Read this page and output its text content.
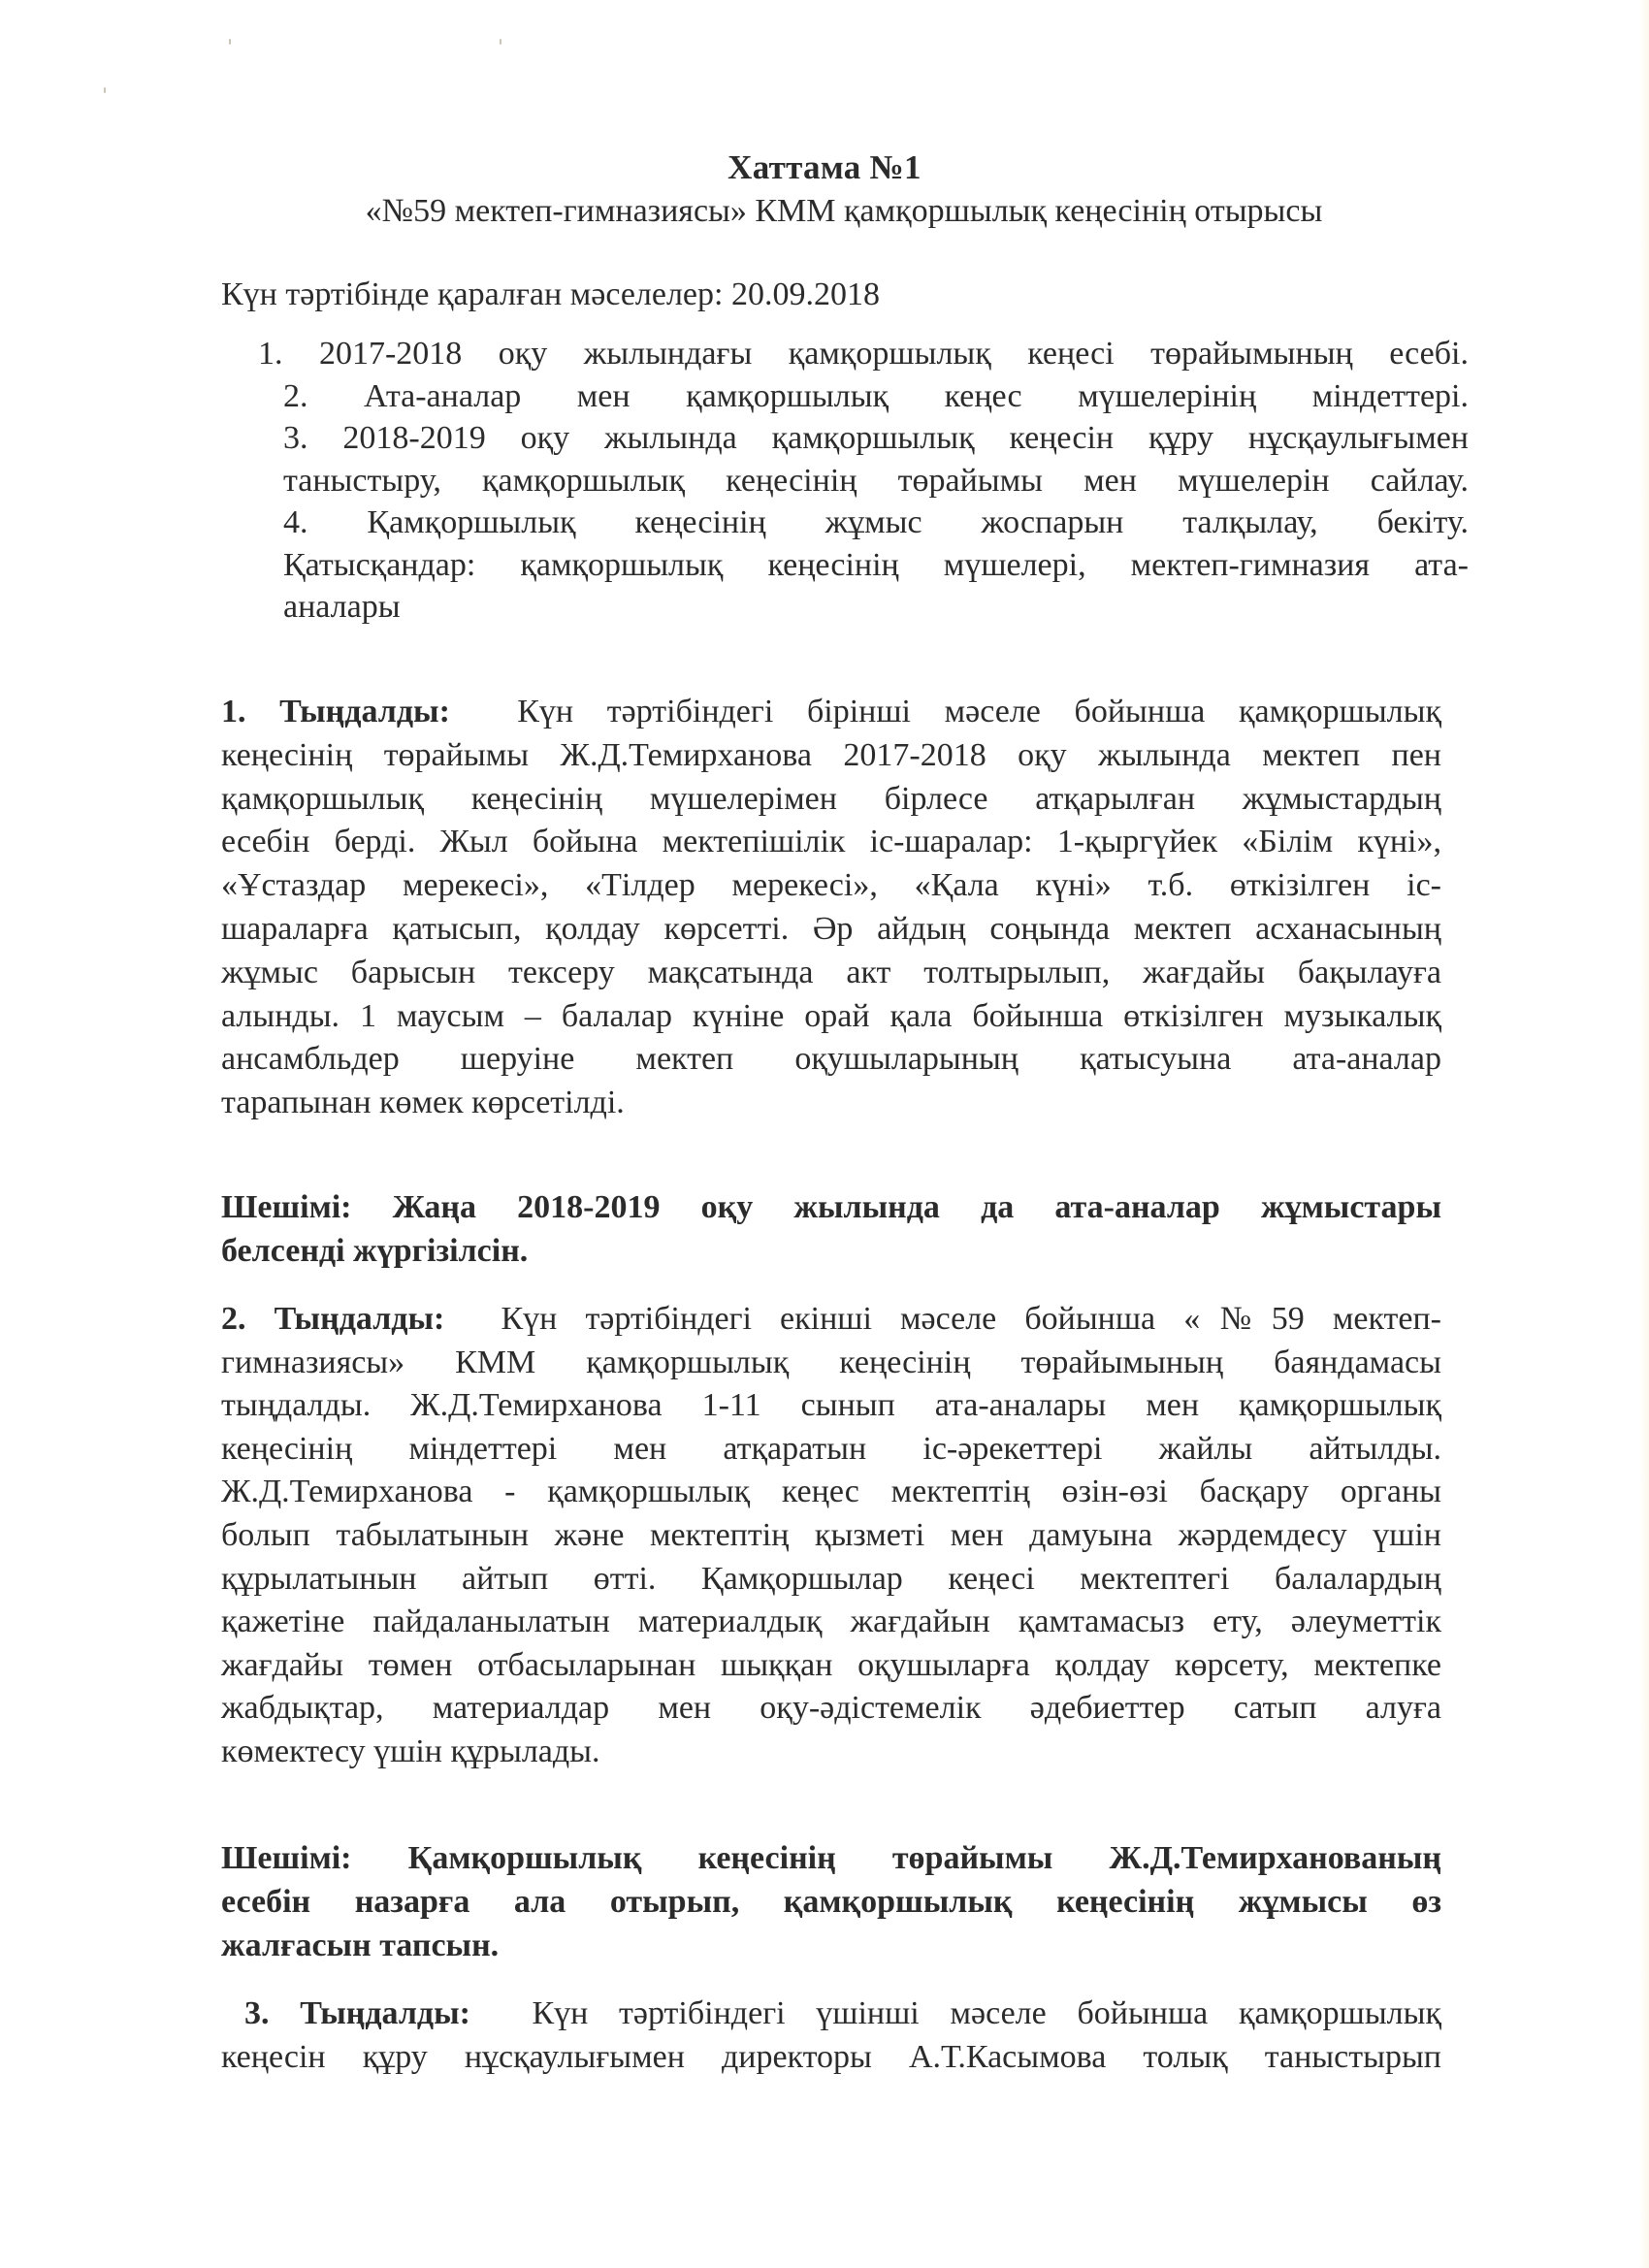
Хаттама №1
«№59 мектеп-гимназиясы» КММ қамқоршылық кеңесінің отырысы
Күн тәртібінде қаралған мәселелер: 20.09.2018
1. 2017-2018 оқу жылындағы қамқоршылық кеңесі төрайымының есебі.
2. Ата-аналар мен қамқоршылық кеңес мүшелерінің міндеттері.
3. 2018-2019 оқу жылында қамқоршылық кеңесін құру нұсқаулығымен
таныстыру, қамқоршылық кеңесінің төрайымы мен мүшелерін сайлау.
4. Қамқоршылық кеңесінің жұмыс жоспарын талқылау, бекіту.
Қатысқандар: қамқоршылық кеңесінің мүшелері, мектеп-гимназия ата-
аналары
1. Тыңдалды: Күн тәртібіндегі бірінші мәселе бойынша қамқоршылық
кеңесінің төрайымы Ж.Д.Темирханова 2017-2018 оқу жылында мектеп пен
қамқоршылық кеңесінің мүшелерімен бірлесе атқарылған жұмыстардың
есебін берді. Жыл бойына мектепішілік іс-шаралар: 1-қыргүйек «Білім күні»,
«Ұстаздар мерекесі», «Тілдер мерекесі», «Қала күні» т.б. өткізілген іс-
шараларға қатысып, қолдау көрсетті. Әр айдың соңында мектеп асханасының
жұмыс барысын тексеру мақсатында акт толтырылып, жағдайы бақылауға
алынды. 1 маусым – балалар күніне орай қала бойынша өткізілген музыкалық
ансамбльдер шеруіне мектеп оқушыларының қатысуына ата-аналар
тарапынан көмек көрсетілді.
Шешімі: Жаңа 2018-2019 оқу жылында да ата-аналар жұмыстары
белсенді жүргізілсін.
2. Тыңдалды: Күн тәртібіндегі екінші мәселе бойынша «№59 мектеп-
гимназиясы» КММ қамқоршылық кеңесінің төрайымының баяндамасы
тыңдалды. Ж.Д.Темирханова 1-11 сынып ата-аналары мен қамқоршылық
кеңесінің міндеттері мен атқаратын іс-әрекеттері жайлы айтылды.
Ж.Д.Темирханова - қамқоршылық кеңес мектептің өзін-өзі басқару органы
болып табылатынын және мектептің қызметі мен дамуына жәрдемдесу үшін
құрылатынын айтып өтті. Қамқоршылар кеңесі мектептегі балалардың
қажетіне пайдаланылатын материалдық жағдайын қамтамасыз ету, әлеуметтік
жағдайы төмен отбасыларынан шыққан оқушыларға қолдау көрсету, мектепке
жабдықтар, материалдар мен оқу-әдістемелік әдебиеттер сатып алуға
көмектесу үшін құрылады.
Шешімі: Қамқоршылық кеңесінің төрайымы Ж.Д.Темирханованың
есебін назарға ала отырып, қамқоршылық кеңесінің жұмысы өз
жалғасын тапсын.
3. Тыңдалды: Күн тәртібіндегі үшінші мәселе бойынша қамқоршылық
кеңесін құру нұсқаулығымен директоры А.Т.Касымова толық таныстырып
